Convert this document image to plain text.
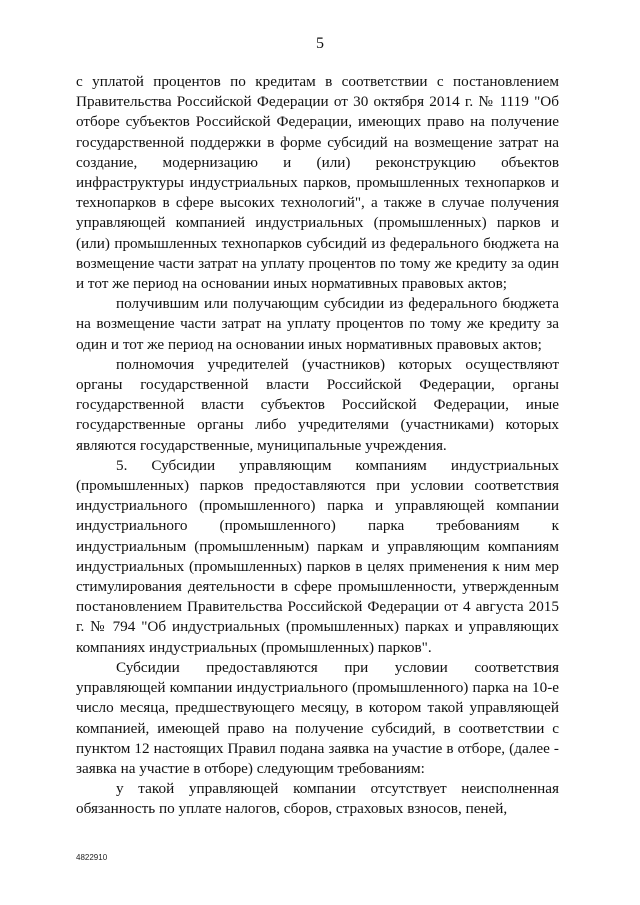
5

с уплатой процентов по кредитам в соответствии с постановлением Правительства Российской Федерации от 30 октября 2014 г. № 1119 "Об отборе субъектов Российской Федерации, имеющих право на получение государственной поддержки в форме субсидий на возмещение затрат на создание, модернизацию и (или) реконструкцию объектов инфраструктуры индустриальных парков, промышленных технопарков и технопарков в сфере высоких технологий", а также в случае получения управляющей компанией индустриальных (промышленных) парков и (или) промышленных технопарков субсидий из федерального бюджета на возмещение части затрат на уплату процентов по тому же кредиту за один и тот же период на основании иных нормативных правовых актов;

получившим или получающим субсидии из федерального бюджета на возмещение части затрат на уплату процентов по тому же кредиту за один и тот же период на основании иных нормативных правовых актов;

полномочия учредителей (участников) которых осуществляют органы государственной власти Российской Федерации, органы государственной власти субъектов Российской Федерации, иные государственные органы либо учредителями (участниками) которых являются государственные, муниципальные учреждения.

5. Субсидии управляющим компаниям индустриальных (промышленных) парков предоставляются при условии соответствия индустриального (промышленного) парка и управляющей компании индустриального (промышленного) парка требованиям к индустриальным (промышленным) паркам и управляющим компаниям индустриальных (промышленных) парков в целях применения к ним мер стимулирования деятельности в сфере промышленности, утвержденным постановлением Правительства Российской Федерации от 4 августа 2015 г. № 794 "Об индустриальных (промышленных) парках и управляющих компаниях индустриальных (промышленных) парков".

Субсидии предоставляются при условии соответствия управляющей компании индустриального (промышленного) парка на 10-е число месяца, предшествующего месяцу, в котором такой управляющей компанией, имеющей право на получение субсидий, в соответствии с пунктом 12 настоящих Правил подана заявка на участие в отборе, (далее - заявка на участие в отборе) следующим требованиям:

у такой управляющей компании отсутствует неисполненная обязанность по уплате налогов, сборов, страховых взносов, пеней,

4822910
